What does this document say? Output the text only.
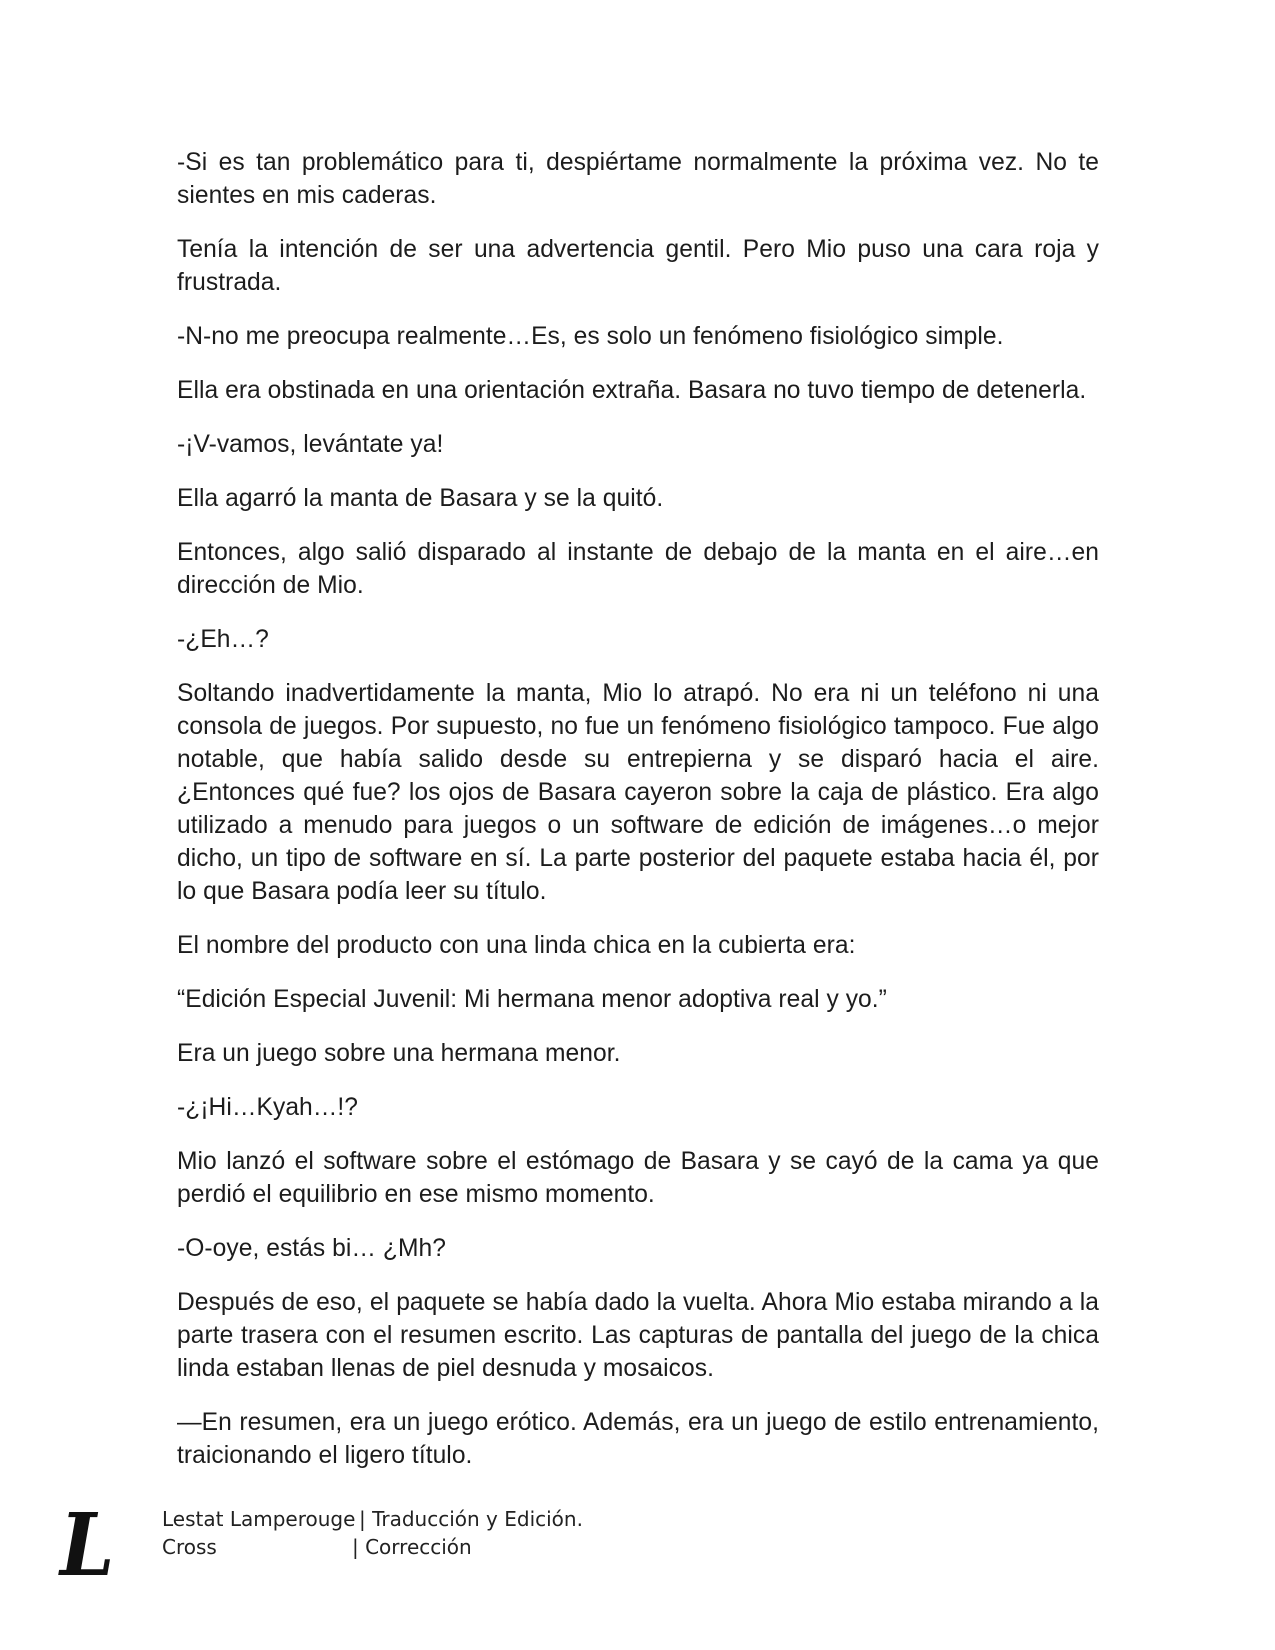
-Si es tan problemático para ti, despiértame normalmente la próxima vez. No te sientes en mis caderas.

Tenía la intención de ser una advertencia gentil. Pero Mio puso una cara roja y frustrada.

-N-no me preocupa realmente…Es, es solo un fenómeno fisiológico simple.

Ella era obstinada en una orientación extraña. Basara no tuvo tiempo de detenerla.

-¡V-vamos, levántate ya!

Ella agarró la manta de Basara y se la quitó.

Entonces, algo salió disparado al instante de debajo de la manta en el aire…en dirección de Mio.

-¿Eh…?

Soltando inadvertidamente la manta, Mio lo atrapó. No era ni un teléfono ni una consola de juegos. Por supuesto, no fue un fenómeno fisiológico tampoco. Fue algo notable, que había salido desde su entrepierna y se disparó hacia el aire. ¿Entonces qué fue? los ojos de Basara cayeron sobre la caja de plástico. Era algo utilizado a menudo para juegos o un software de edición de imágenes…o mejor dicho, un tipo de software en sí. La parte posterior del paquete estaba hacia él, por lo que Basara podía leer su título.

El nombre del producto con una linda chica en la cubierta era:

“Edición Especial Juvenil: Mi hermana menor adoptiva real y yo.”

Era un juego sobre una hermana menor.

-¿¡Hi…Kyah…!?

Mio lanzó el software sobre el estómago de Basara y se cayó de la cama ya que perdió el equilibrio en ese mismo momento.

-O-oye, estás bi… ¿Mh?

Después de eso, el paquete se había dado la vuelta. Ahora Mio estaba mirando a la parte trasera con el resumen escrito. Las capturas de pantalla del juego de la chica linda estaban llenas de piel desnuda y mosaicos.

—En resumen, era un juego erótico. Además, era un juego de estilo entrenamiento, traicionando el ligero título.

L	Lestat Lamperouge | Traducción y Edición.
Cross	| Corrección
